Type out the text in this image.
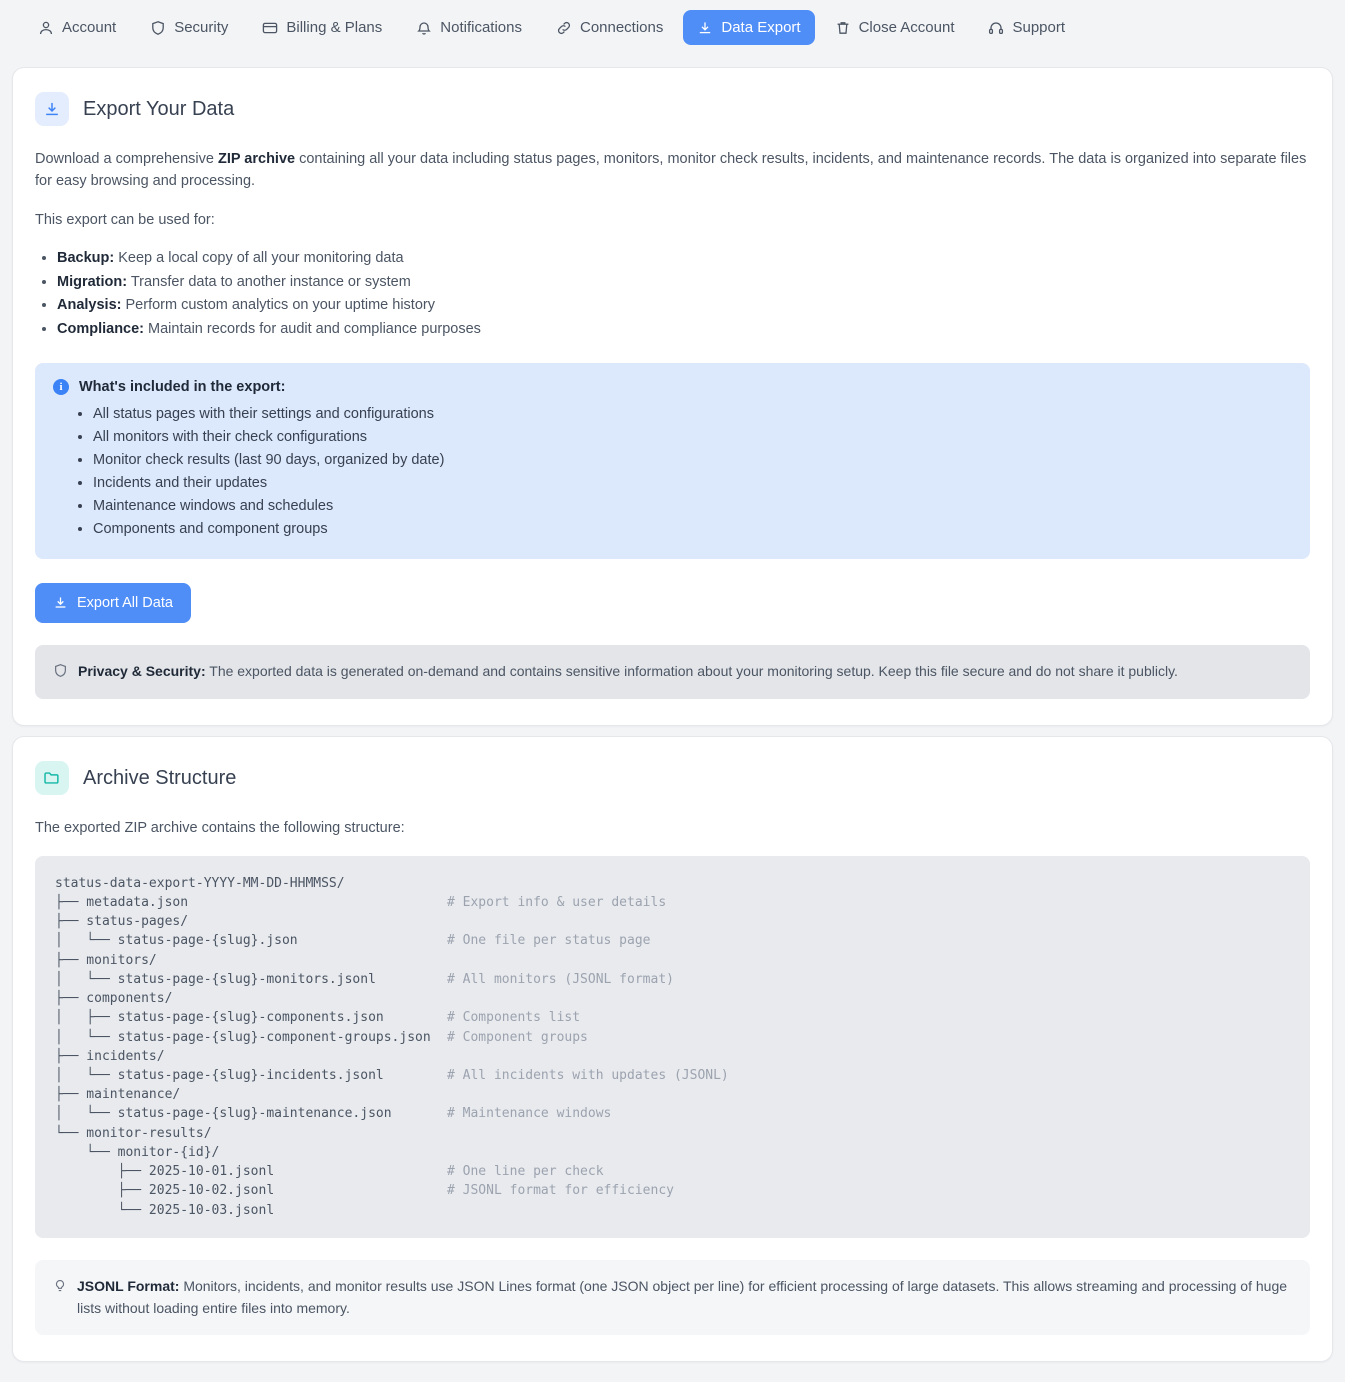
Account	Security	Billing & Plans	Notifications	Connections	Data Export	Close Account	Support
Export Your Data

Download a comprehensive ZIP archive containing all your data including status pages, monitors, monitor check results, incidents, and maintenance records. The data is organized into separate files for easy browsing and processing.

This export can be used for:

• Backup: Keep a local copy of all your monitoring data
• Migration: Transfer data to another instance or system
• Analysis: Perform custom analytics on your uptime history
• Compliance: Maintain records for audit and compliance purposes
i	What's included in the export:
• All status pages with their settings and configurations
• All monitors with their check configurations
• Monitor check results (last 90 days, organized by date)
• Incidents and their updates
• Maintenance windows and schedules
• Components and component groups
Export All Data
Privacy & Security: The exported data is generated on-demand and contains sensitive information about your monitoring setup. Keep this file secure and do not share it publicly.
Archive Structure

The exported ZIP archive contains the following structure:

status-data-export-YYYY-MM-DD-HHMMSS/
├── metadata.json	# Export info & user details
├── status-pages/
│   └── status-page-{slug}.json	# One file per status page
├── monitors/
│   └── status-page-{slug}-monitors.jsonl	# All monitors (JSONL format)
├── components/
│   ├── status-page-{slug}-components.json	# Components list
│   └── status-page-{slug}-component-groups.json # Component groups
├── incidents/
│   └── status-page-{slug}-incidents.jsonl	# All incidents with updates (JSONL)
├── maintenance/
│   └── status-page-{slug}-maintenance.json	# Maintenance windows
└── monitor-results/
└── monitor-{id}/
├── 2025-10-01.jsonl	# One line per check
├── 2025-10-02.jsonl	# JSONL format for efficiency
└── 2025-10-03.jsonl
JSONL Format: Monitors, incidents, and monitor results use JSON Lines format (one JSON object per line) for efficient processing of large datasets. This allows streaming and processing of huge lists without loading entire files into memory.
